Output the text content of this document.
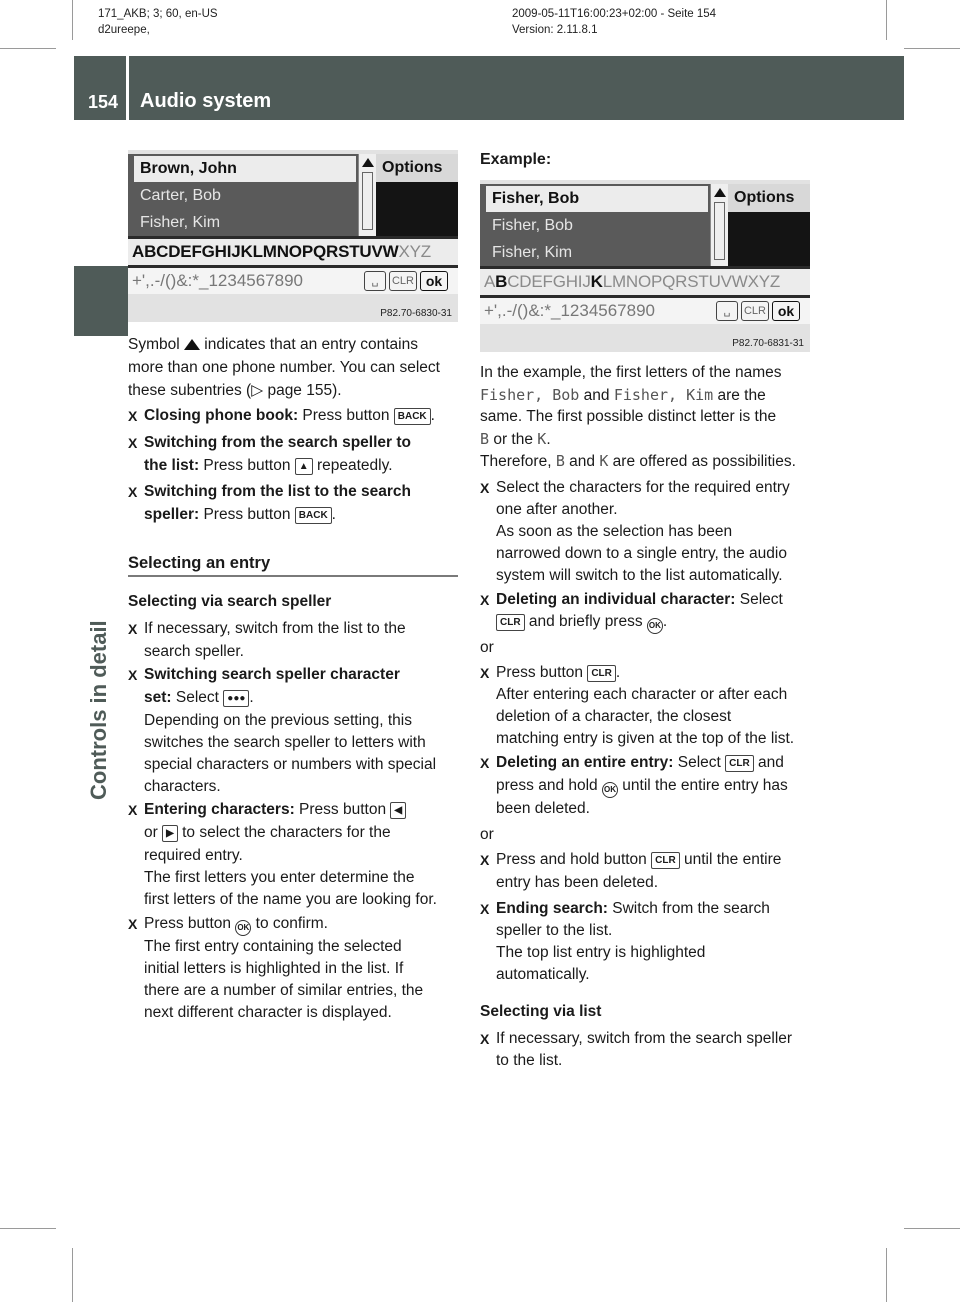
171_AKB; 3; 60, en-US
d2ureepe,
2009-05-11T16:00:23+02:00 - Seite 154
Version: 2.11.8.1
154 Audio system
Controls in detail
Brown, John
Carter, Bob
Fisher, Kim
Options
ABCDEFGHIJKLMNOPQRSTUVWXYZ
+',.-/()&:*_1234567890	␣	CLR ok
P82.70-6830-31
Fisher, Bob
Fisher, Bob
Fisher, Kim
Options
ABCDEFGHIJKLMNOPQRSTUVWXYZ
+',.-/()&:*_1234567890	␣	CLR ok
P82.70-6831-31

Symbol  indicates that an entry contains

more than one phone number. You can select

these subentries (▷ page 155).

X Closing phone book: Press button BACK .

X Switching from the search speller to

the list: Press button ▲ repeatedly.

X Switching from the list to the search

speller: Press button BACK .

Selecting an entry

Selecting via search speller

X If necessary, switch from the list to the

search speller.

X Switching search speller character

set: Select ●●● .

Depending on the previous setting, this

switches the search speller to letters with

special characters or numbers with special

characters.

X Entering characters: Press button ◀

or ▶ to select the characters for the

required entry.

The first letters you enter determine the

first letters of the name you are looking for.

X Press button OK to confirm.

The first entry containing the selected

initial letters is highlighted in the list. If

there are a number of similar entries, the

next different character is displayed.

Example:

In the example, the first letters of the names

Fisher, Bob and Fisher, Kim are the

same. The first possible distinct letter is the

B or the K.

Therefore, B and K are offered as possibilities.

X Select the characters for the required entry

one after another.

As soon as the selection has been

narrowed down to a single entry, the audio

system will switch to the list automatically.

X Deleting an individual character: Select

CLR and briefly press OK .

or

X Press button CLR .

After entering each character or after each

deletion of a character, the closest

matching entry is given at the top of the list.

X Deleting an entire entry: Select CLR and

press and hold OK until the entire entry has

been deleted.

or

X Press and hold button CLR until the entire

entry has been deleted.

X Ending search: Switch from the search

speller to the list.

The top list entry is highlighted

automatically.

Selecting via list

X If necessary, switch from the search speller

to the list.
